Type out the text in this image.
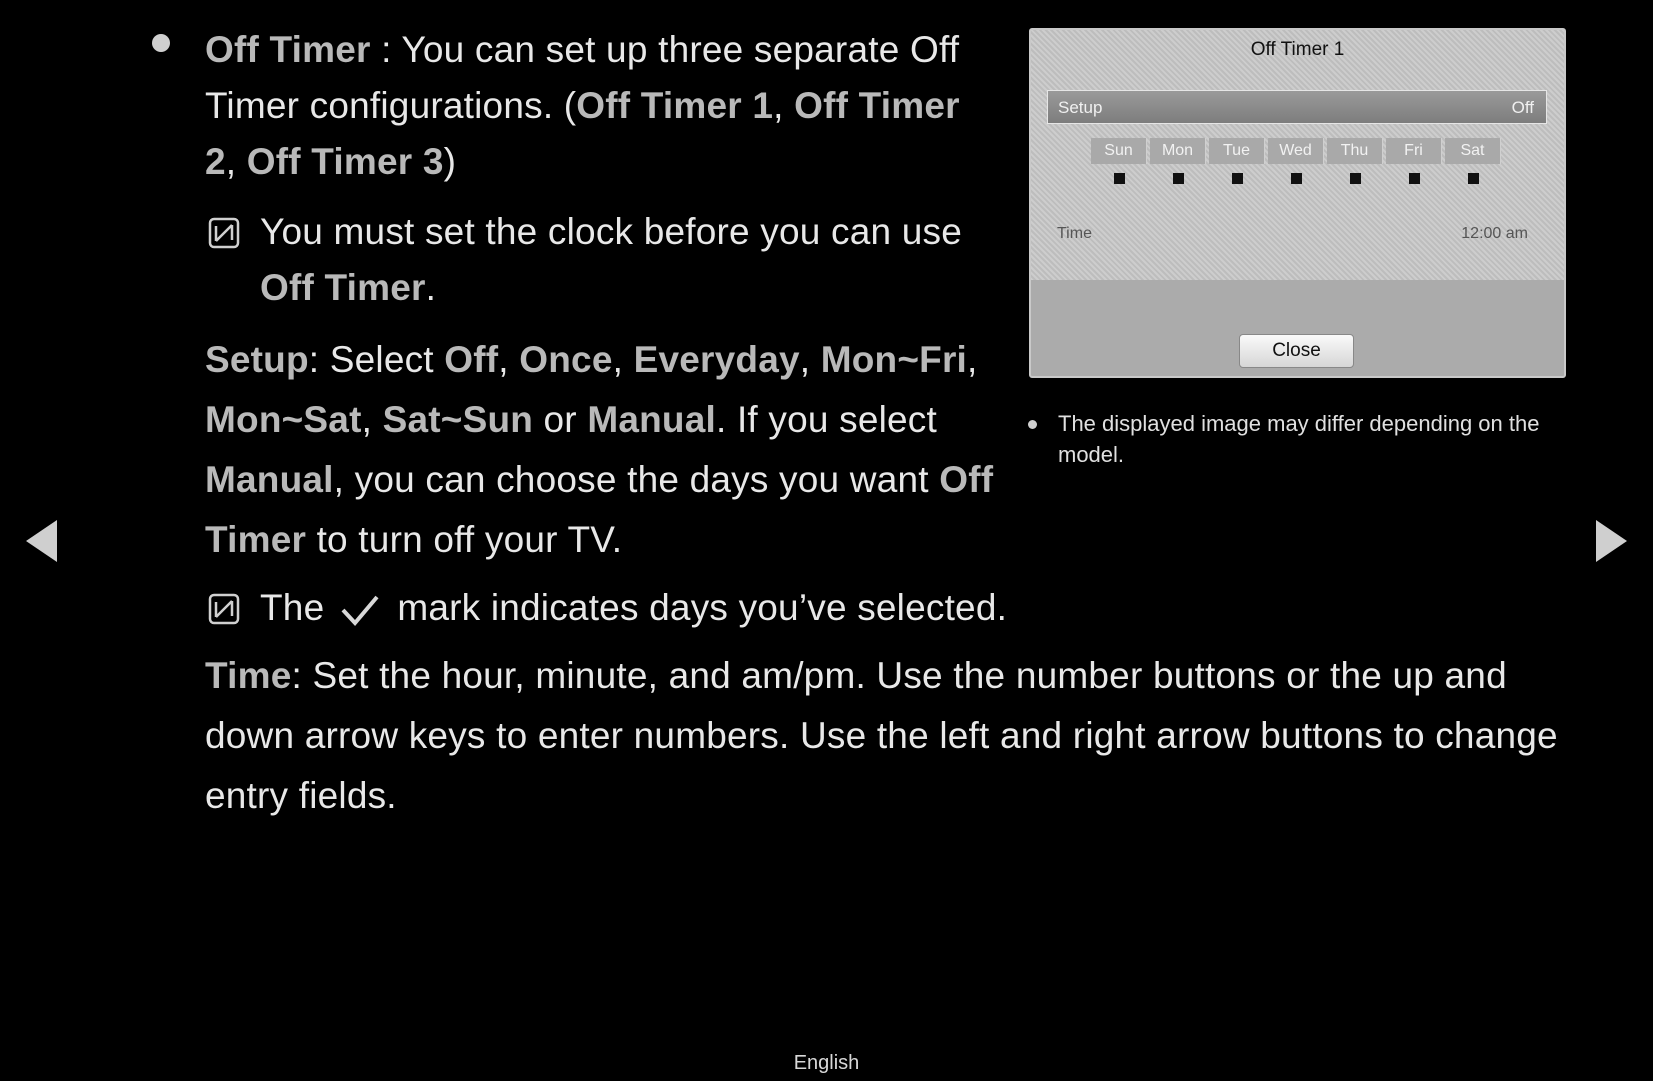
Off Timer : You can set up three separate Off Timer configurations. (Off Timer 1, Off Timer 2, Off Timer 3)

You must set the clock before you can use Off Timer.

Setup: Select Off, Once, Everyday, Mon~Fri, Mon~Sat, Sat~Sun or Manual. If you select Manual, you can choose the days you want Off Timer to turn off your TV.

The mark indicates days you’ve selected.

Time: Set the hour, minute, and am/pm. Use the number buttons or the up and down arrow keys to enter numbers. Use the left and right arrow buttons to change entry fields.

Off Timer 1
Setup	Off
Sun	Mon	Tue	Wed	Thu	Fri	Sat
Time	12:00 am
Close
The displayed image may differ depending on the model.
English
